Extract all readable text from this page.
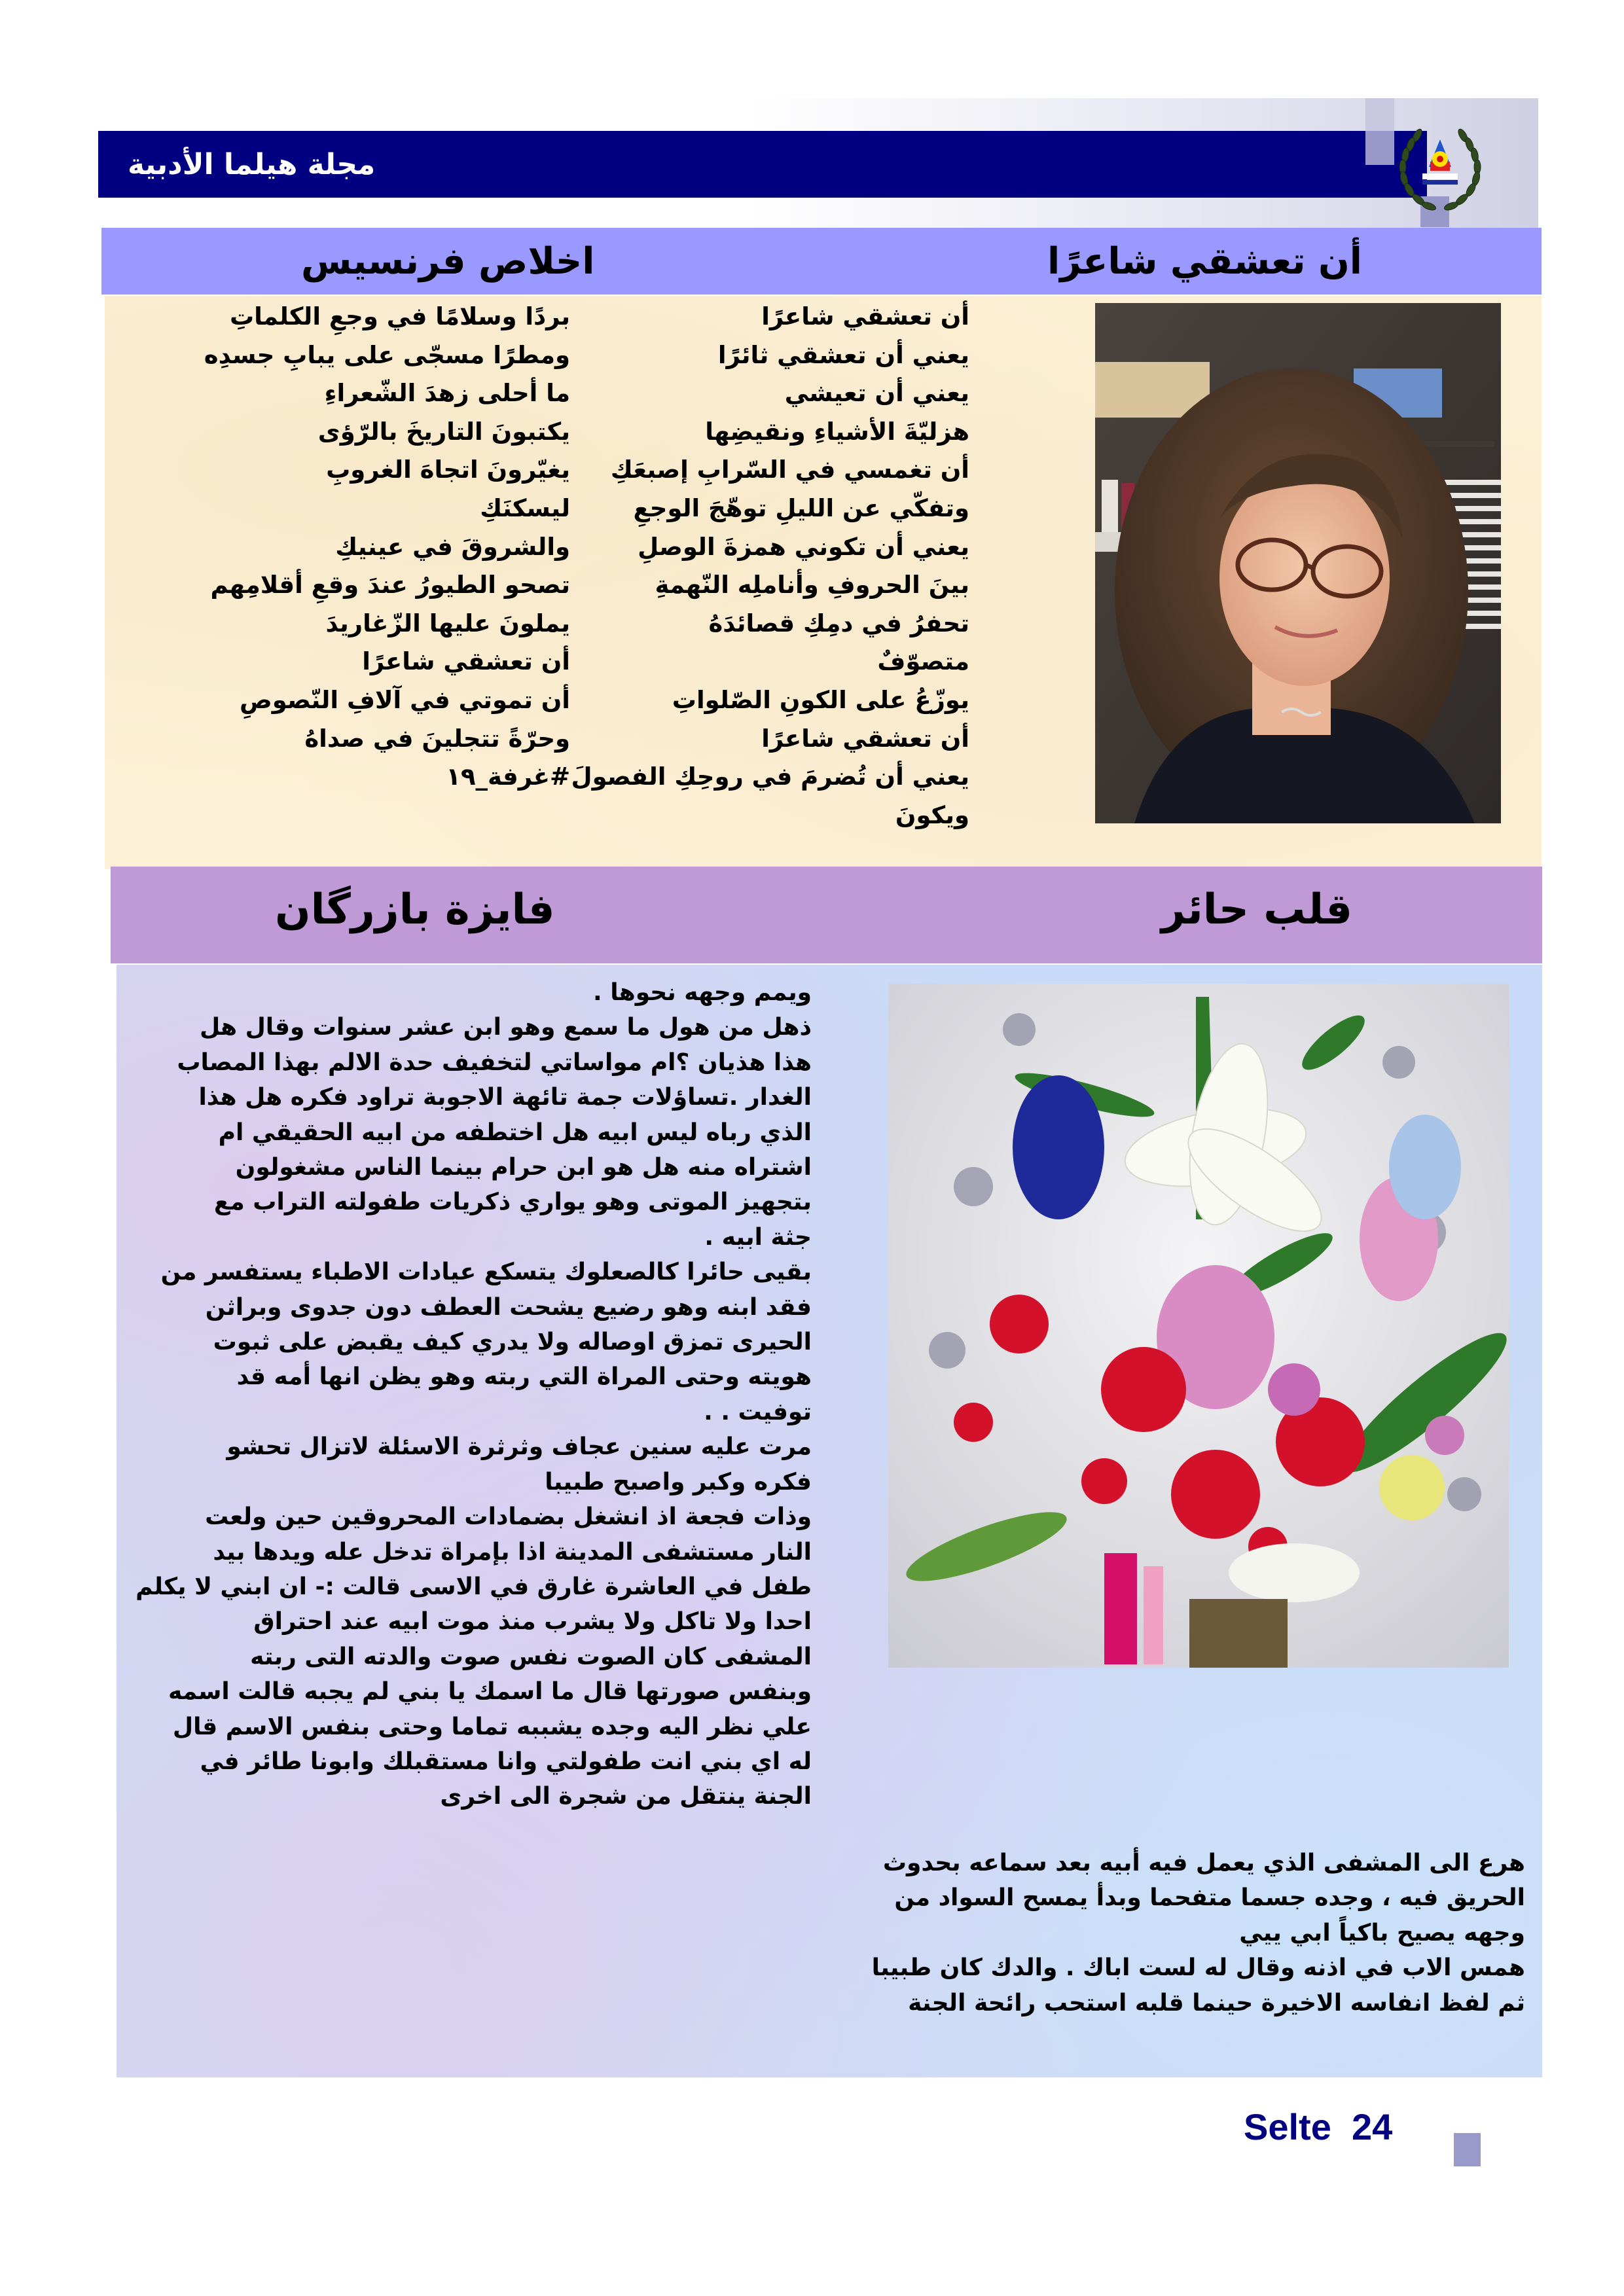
مجلة هيلما الأدبية
أن تعشقي شاعرًا
اخلاص فرنسيس
أن تعشقي شاعرًا
يعني أن تعشقي ثائرًا
يعني أن تعيشي
هزليّةَ الأشياءِ ونقيضِها
أن تغمسي في السّرابِ إصبعَكِ
وتفكّي عن الليلِ توهّجَ الوجعِ
يعني أن تكوني همزةَ الوصلِ
بينَ الحروفِ وأناملِه النّهمةِ
تحفرُ في دمِكِ قصائدَهُ
متصوّفٌ
يوزّعُ على الكونِ الصّلواتِ
أن تعشقي شاعرًا
يعني أن تُضرمَ في روحِكِ الفصولَ
ويكونَ
بردًا وسلامًا في وجعِ الكلماتِ
ومطرًا مسجّى على يبابِ جسدِه
ما أحلى زهدَ الشّعراءِ
يكتبونَ التاريخَ بالرّؤى
يغيّرونَ اتجاهَ الغروبِ
ليسكنَكِ
والشروقَ في عينيكِ
تصحو الطيورُ عندَ وقعِ أقلامِهم
يملونَ عليها الزّغاريدَ
أن تعشقي شاعرًا
أن تموتي في آلافِ النّصوصِ
وحرّةً تتجلينَ في صداهُ
#غرفة_١٩
قلب حائر
فايزة بازرگان
ويمم وجهه نحوها .
ذهل من هول ما سمع وهو ابن عشر سنوات وقال هل
هذا هذيان ؟ام مواساتي لتخفيف حدة الالم بهذا المصاب
الغدار .تساؤلات جمة تائهة الاجوبة تراود فكره هل هذا
الذي رباه ليس ابيه هل اختطفه من ابيه الحقيقي ام
اشتراه منه هل هو ابن حرام بينما الناس مشغولون
بتجهيز الموتى وهو يواري ذكريات طفولته التراب مع
جثة ابيه .
بقيى حائرا كالصعلوك يتسكع عيادات الاطباء يستفسر من
فقد ابنه وهو رضيع يشحت العطف دون جدوى وبراثن
الحيرى تمزق اوصاله ولا يدري كيف يقبض على ثبوت
هويته وحتى المراة التي ربته وهو يظن انها أمه قد
توفيت . .
مرت عليه سنين عجاف وثرثرة الاسئلة لاتزال تحشو
فكره وكبر واصبح طبيبا
وذات فجعة اذ انشغل بضمادات المحروقين حين ولعت
النار مستشفى المدينة اذا بإمراة تدخل عله ويدها بيد
طفل في العاشرة غارق في الاسى قالت :- ان ابني لا يكلم
احدا ولا تاكل ولا يشرب منذ موت ابيه عند احتراق
المشفى كان الصوت نفس صوت والدته التى ربته
وبنفس صورتها قال ما اسمك يا بني لم يجبه قالت اسمه
علي نظر اليه وجده يشببه تماما وحتى بنفس الاسم قال
له اي بني انت طفولتي وانا مستقبلك وابونا طائر في
الجنة ينتقل من شجرة الى اخرى
هرع الى المشفى الذي يعمل فيه أبيه بعد سماعه بحدوث
الحريق فيه ، وجده جسما متفحما وبدأ يمسح السواد من
وجهه يصيح باكياً ابي ييي
همس الاب في اذنه وقال له لست اباك . والدك كان طبيبا
ثم لفظ انفاسه الاخيرة حينما قلبه استحب رائحة الجنة
Selte  24
